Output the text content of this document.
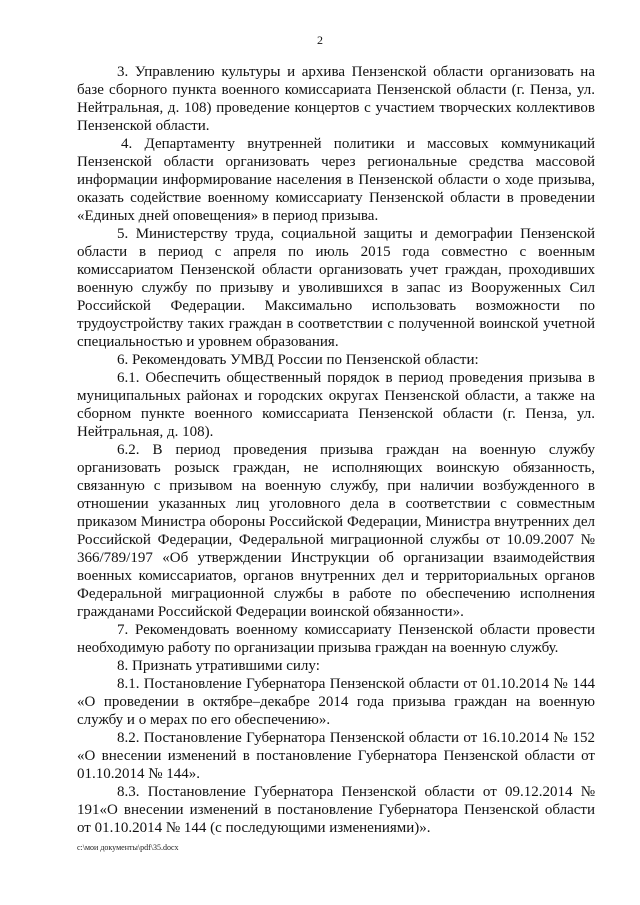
2

3. Управлению культуры и архива Пензенской области организовать на базе сборного пункта военного комиссариата Пензенской области (г. Пенза, ул. Нейтральная, д. 108) проведение концертов с участием творческих коллективов Пензенской области.

4. Департаменту внутренней политики и массовых коммуникаций Пензенской области организовать через региональные средства массовой информации информирование населения в Пензенской области о ходе призыва, оказать содействие военному комиссариату Пензенской области в проведении «Единых дней оповещения» в период призыва.

5. Министерству труда, социальной защиты и демографии Пензенской области в период с апреля по июль 2015 года совместно с военным комиссариатом Пензенской области организовать учет граждан, проходивших военную службу по призыву и уволившихся в запас из Вооруженных Сил Российской Федерации. Максимально использовать возможности по трудоустройству таких граждан в соответствии с полученной воинской учетной специальностью и уровнем образования.

6. Рекомендовать УМВД России по Пензенской области:

6.1. Обеспечить общественный порядок в период проведения призыва в муниципальных районах и городских округах Пензенской области, а также на сборном пункте военного комиссариата Пензенской области (г. Пенза, ул. Нейтральная, д. 108).

6.2. В период проведения призыва граждан на военную службу организовать розыск граждан, не исполняющих воинскую обязанность, связанную с призывом на военную службу, при наличии возбужденного в отношении указанных лиц уголовного дела в соответствии с совместным приказом Министра обороны Российской Федерации, Министра внутренних дел Российской Федерации, Федеральной миграционной службы от 10.09.2007 № 366/789/197 «Об утверждении Инструкции об организации взаимодействия военных комиссариатов, органов внутренних дел и территориальных органов Федеральной миграционной службы в работе по обеспечению исполнения гражданами Российской Федерации воинской обязанности».

7. Рекомендовать военному комиссариату Пензенской области провести необходимую работу по организации призыва граждан на военную службу.

8. Признать утратившими силу:

8.1. Постановление Губернатора Пензенской области от 01.10.2014 № 144 «О проведении в октябре–декабре 2014 года призыва граждан на военную службу и о мерах по его обеспечению».

8.2. Постановление Губернатора Пензенской области от 16.10.2014 № 152 «О внесении изменений в постановление Губернатора Пензенской области от 01.10.2014 № 144».

8.3. Постановление Губернатора Пензенской области от 09.12.2014 № 191«О внесении изменений в постановление Губернатора Пензенской области от 01.10.2014 № 144 (с последующими изменениями)».

c:\мои документы\pdf\35.docx
